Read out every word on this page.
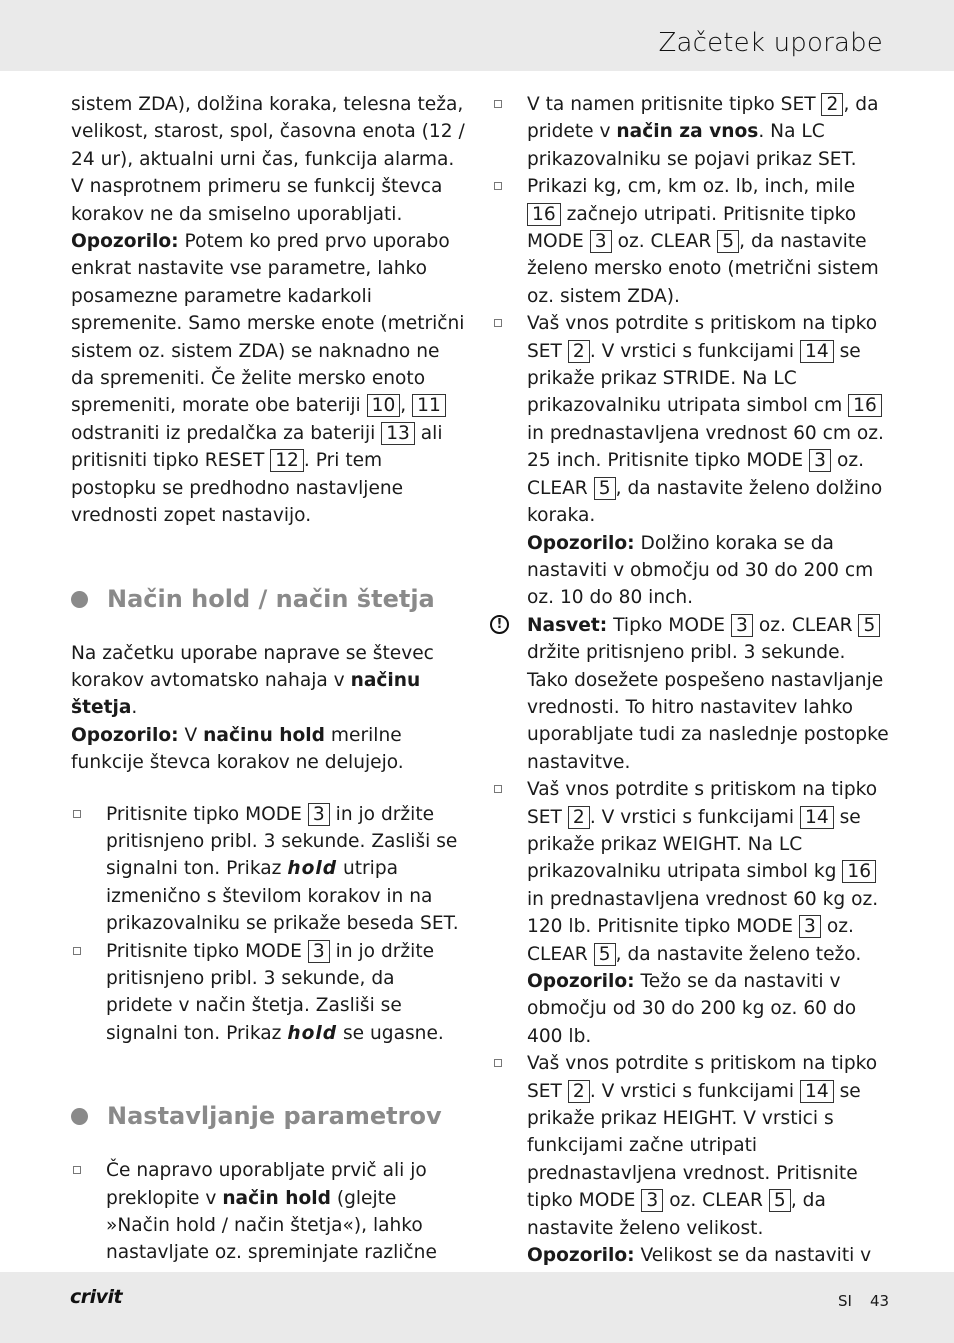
Začetek uporabe

sistem ZDA), dolžina koraka, telesna teža, velikost, starost, spol, časovna enota (12 / 24 ur), aktualni urni čas, funkcija alarma. V nasprotnem primeru se funkcij števca korakov ne da smiselno uporabljati.

Opozorilo: Potem ko pred prvo uporabo enkrat nastavite vse parametre, lahko posamezne parametre kadarkoli spremenite. Samo merske enote (metrični sistem oz. sistem ZDA) se naknadno ne da spremeniti. Če želite mersko enoto spremeniti, morate obe bateriji 10 , 11 odstraniti iz predalčka za bateriji 13 ali pritisniti tipko RESET 12 . Pri tem postopku se predhodno nastavljene vrednosti zopet nastavijo.

Način hold / način štetja

Na začetku uporabe naprave se števec korakov avtomatsko nahaja v načinu štetja.
Opozorilo: V načinu hold merilne funkcije števca korakov ne delujejo.

Pritisnite tipko MODE 3 in jo držite pritisnjeno pribl. 3 sekunde. Zasliši se signalni ton. Prikaz hold utripa izmenično s številom korakov in na prikazovalniku se prikaže beseda SET.

Pritisnite tipko MODE 3 in jo držite pritisnjeno pribl. 3 sekunde, da pridete v način štetja. Zasliši se signalni ton. Prikaz hold se ugasne.

Nastavljanje parametrov

Če napravo uporabljate prvič ali jo preklopite v način hold (glejte »Način hold / način štetja«), lahko nastavljate oz. spreminjate različne

V ta namen pritisnite tipko SET 2 , da pridete v način za vnos. Na LC prikazovalniku se pojavi prikaz SET.

Prikazi kg, cm, km oz. lb, inch, mile 16 začnejo utripati. Pritisnite tipko MODE 3 oz. CLEAR 5 , da nastavite želeno mersko enoto (metrični sistem oz. sistem ZDA).

Vaš vnos potrdite s pritiskom na tipko SET 2 . V vrstici s funkcijami 14 se prikaže prikaz STRIDE. Na LC prikazovalniku utripata simbol cm 16 in prednastavljena vrednost 60 cm oz. 25 inch. Pritisnite tipko MODE 3 oz. CLEAR 5 , da nastavite želeno dolžino koraka.
Opozorilo: Dolžino koraka se da nastaviti v območju od 30 do 200 cm oz. 10 do 80 inch.

!	Nasvet: Tipko MODE 3 oz. CLEAR 5 držite pritisnjeno pribl. 3 sekunde. Tako dosežete pospešeno nastavljanje vrednosti. To hitro nastavitev lahko uporabljate tudi za naslednje postopke nastavitve.

Vaš vnos potrdite s pritiskom na tipko SET 2 . V vrstici s funkcijami 14 se prikaže prikaz WEIGHT. Na LC prikazovalniku utripata simbol kg 16 in prednastavljena vrednost 60 kg oz. 120 lb. Pritisnite tipko MODE 3 oz. CLEAR 5 , da nastavite želeno težo.
Opozorilo: Težo se da nastaviti v območju od 30 do 200 kg oz. 60 do 400 lb.

Vaš vnos potrdite s pritiskom na tipko SET 2 . V vrstici s funkcijami 14 se prikaže prikaz HEIGHT. V vrstici s funkcijami začne utripati prednastavljena vrednost. Pritisnite tipko MODE 3 oz. CLEAR 5 , da nastavite želeno velikost.
Opozorilo: Velikost se da nastaviti v

crivit	SI 43
